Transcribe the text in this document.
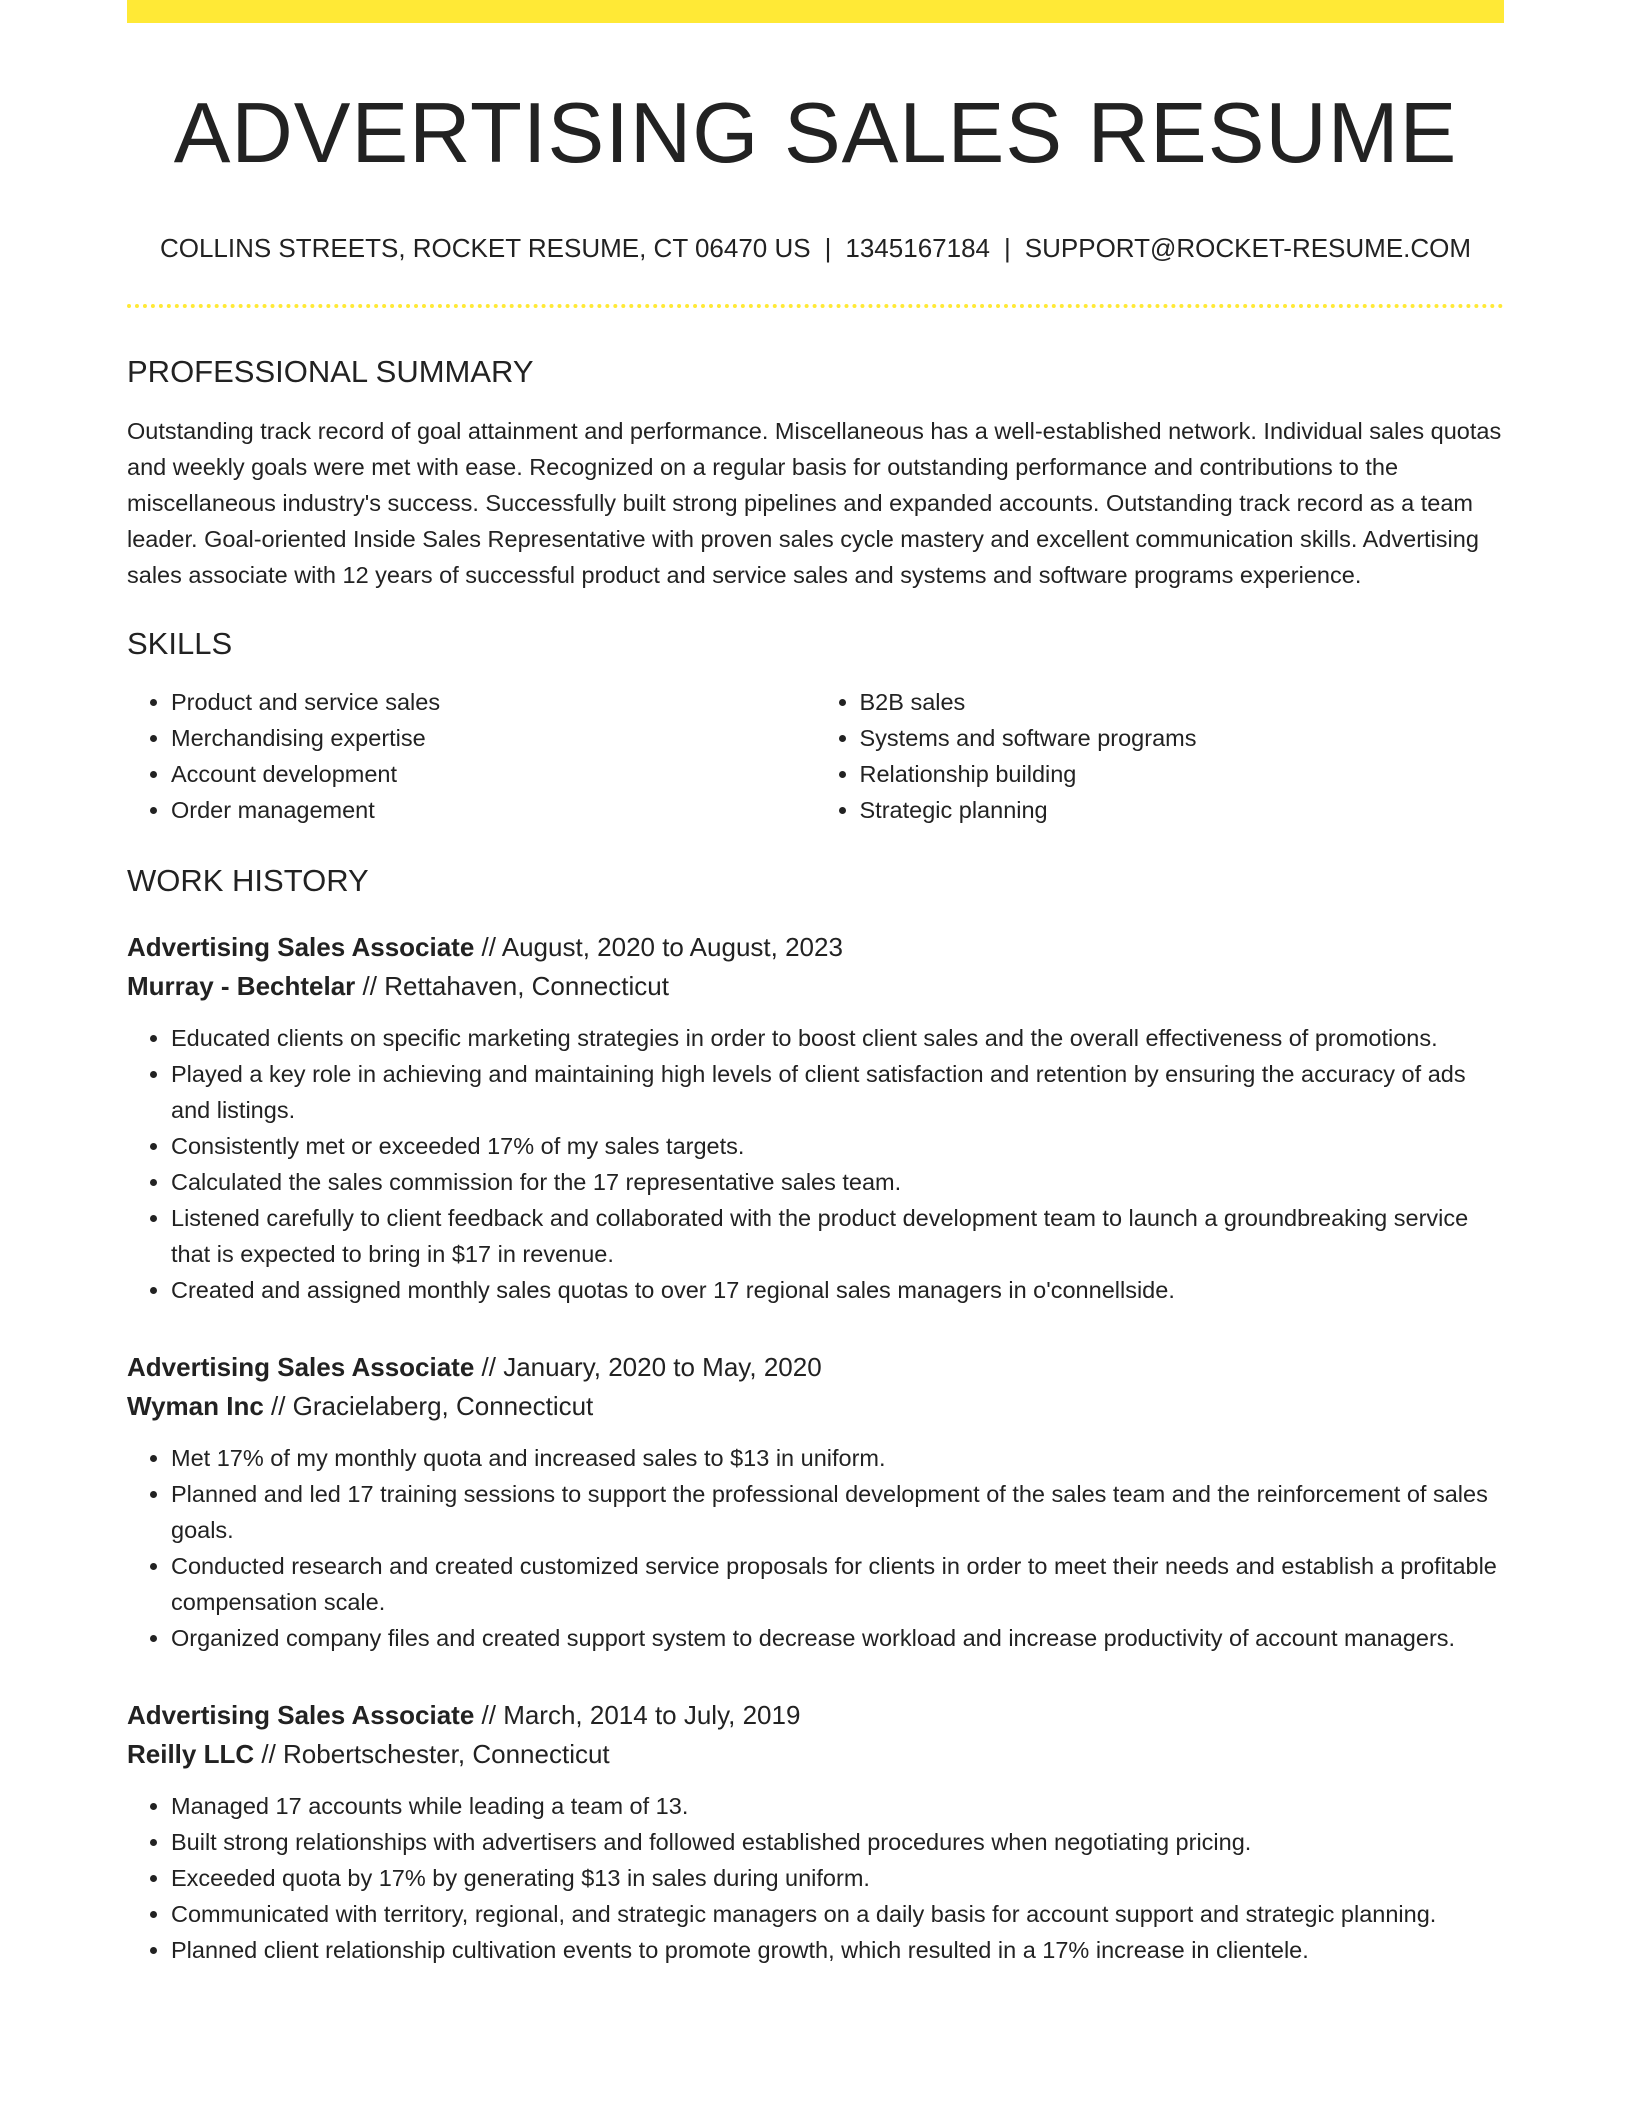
ADVERTISING SALES RESUME
COLLINS STREETS, ROCKET RESUME, CT 06470 US | 1345167184 | SUPPORT@ROCKET-RESUME.COM
PROFESSIONAL SUMMARY

Outstanding track record of goal attainment and performance. Miscellaneous has a well-established network. Individual sales quotas and weekly goals were met with ease. Recognized on a regular basis for outstanding performance and contributions to the miscellaneous industry's success. Successfully built strong pipelines and expanded accounts. Outstanding track record as a team leader. Goal-oriented Inside Sales Representative with proven sales cycle mastery and excellent communication skills. Advertising sales associate with 12 years of successful product and service sales and systems and software programs experience.

SKILLS
• Product and service sales
• Merchandising expertise
• Account development
• Order management
• B2B sales
• Systems and software programs
• Relationship building
• Strategic planning
WORK HISTORY

Advertising Sales Associate // August, 2020 to August, 2023

Murray - Bechtelar // Rettahaven, Connecticut

• Educated clients on specific marketing strategies in order to boost client sales and the overall effectiveness of promotions.
• Played a key role in achieving and maintaining high levels of client satisfaction and retention by ensuring the accuracy of ads and listings.
• Consistently met or exceeded 17% of my sales targets.
• Calculated the sales commission for the 17 representative sales team.
• Listened carefully to client feedback and collaborated with the product development team to launch a groundbreaking service that is expected to bring in $17 in revenue.
• Created and assigned monthly sales quotas to over 17 regional sales managers in o'connellside.

Advertising Sales Associate // January, 2020 to May, 2020

Wyman Inc // Gracielaberg, Connecticut

• Met 17% of my monthly quota and increased sales to $13 in uniform.
• Planned and led 17 training sessions to support the professional development of the sales team and the reinforcement of sales goals.
• Conducted research and created customized service proposals for clients in order to meet their needs and establish a profitable compensation scale.
• Organized company files and created support system to decrease workload and increase productivity of account managers.

Advertising Sales Associate // March, 2014 to July, 2019

Reilly LLC // Robertschester, Connecticut

• Managed 17 accounts while leading a team of 13.
• Built strong relationships with advertisers and followed established procedures when negotiating pricing.
• Exceeded quota by 17% by generating $13 in sales during uniform.
• Communicated with territory, regional, and strategic managers on a daily basis for account support and strategic planning.
• Planned client relationship cultivation events to promote growth, which resulted in a 17% increase in clientele.
